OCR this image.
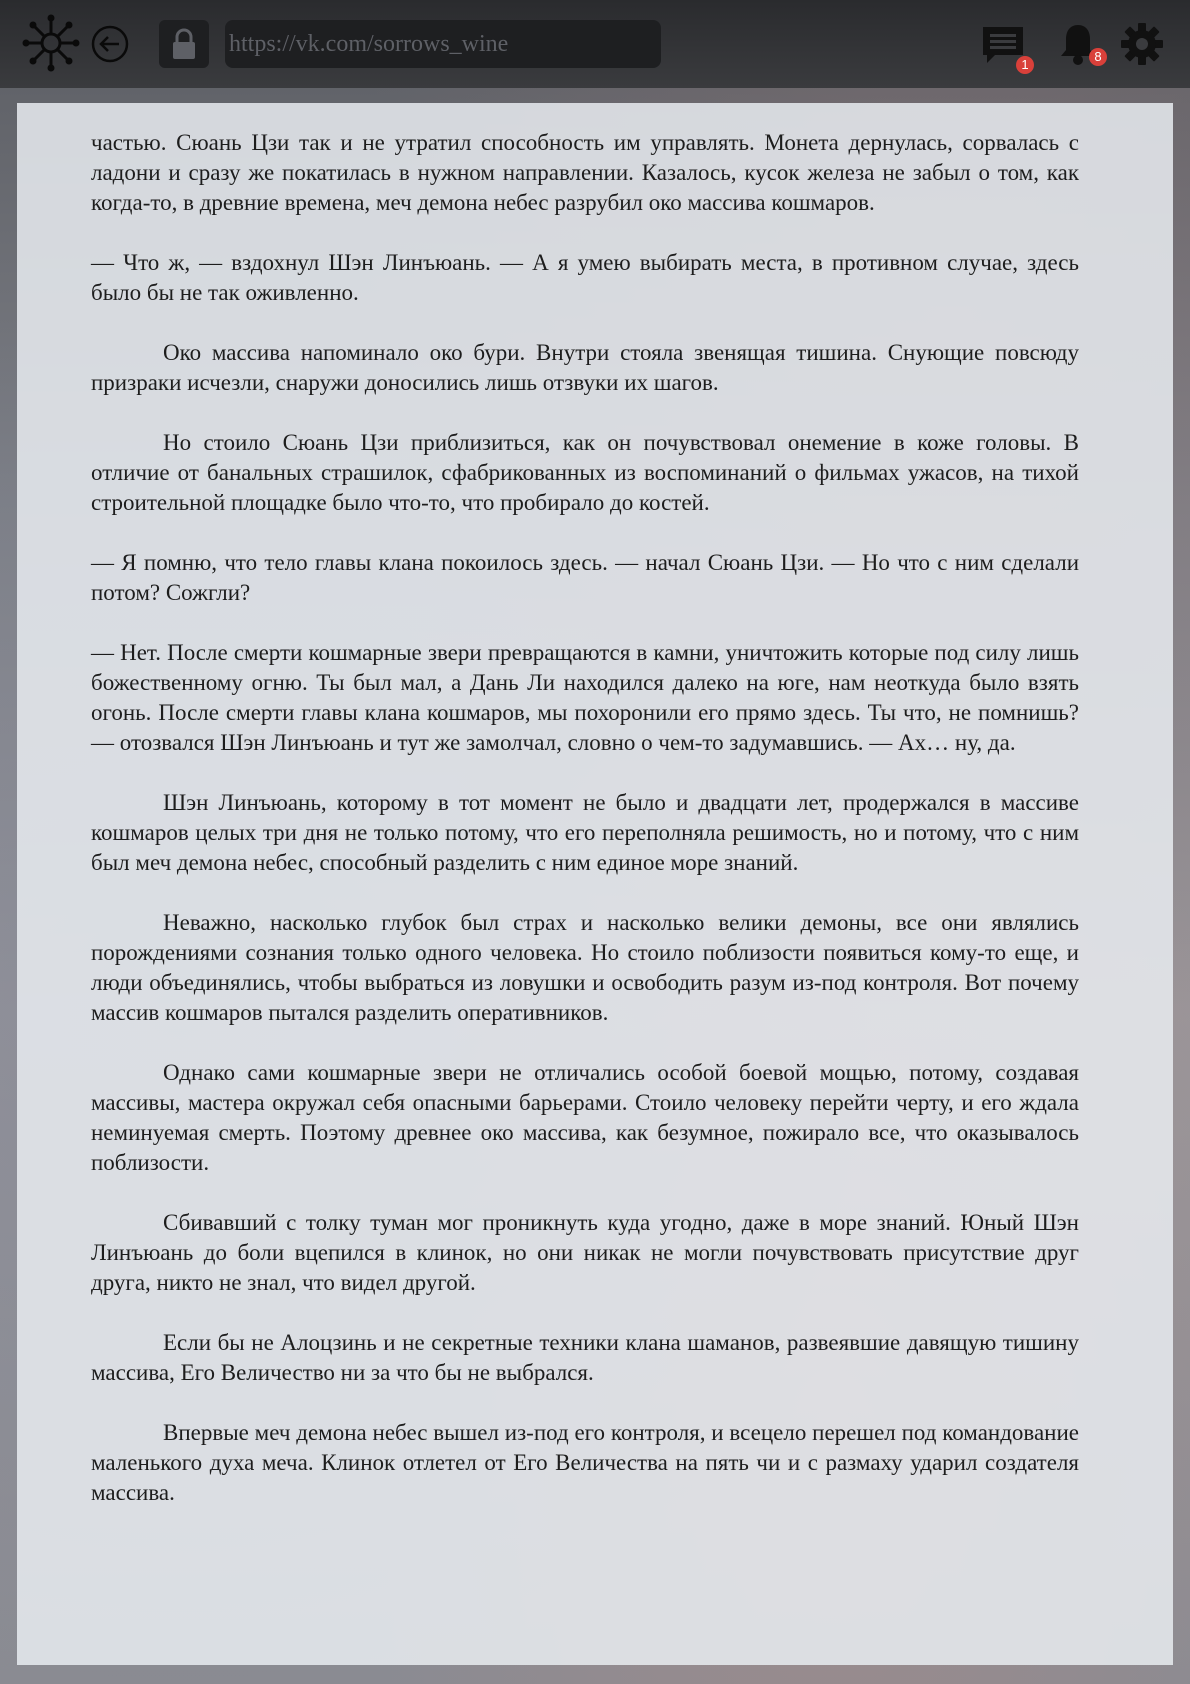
https://vk.com/sorrows_wine
1
8

частью. Сюань Цзи так и не утратил способность им управлять. Монета дернулась, сорвалась с ладони и сразу же покатилась в нужном направлении. Казалось, кусок железа не забыл о том, как когда-то, в древние времена, меч демона небес разрубил око массива кошмаров.

— Что ж, — вздохнул Шэн Линъюань. — А я умею выбирать места, в противном случае, здесь было бы не так оживленно.

Око массива напоминало око бури. Внутри стояла звенящая тишина. Снующие повсюду призраки исчезли, снаружи доносились лишь отзвуки их шагов.

Но стоило Сюань Цзи приблизиться, как он почувствовал онемение в коже головы. В отличие от банальных страшилок, сфабрикованных из воспоминаний о фильмах ужасов, на тихой строительной площадке было что-то, что пробирало до костей.

— Я помню, что тело главы клана покоилось здесь. — начал Сюань Цзи. — Но что с ним сделали потом? Сожгли?

— Нет. После смерти кошмарные звери превращаются в камни, уничтожить которые под силу лишь божественному огню. Ты был мал, а Дань Ли находился далеко на юге, нам неоткуда было взять огонь. После смерти главы клана кошмаров, мы похоронили его прямо здесь. Ты что, не помнишь? — отозвался Шэн Линъюань и тут же замолчал, словно о чем-то задумавшись. — Ах… ну, да.

Шэн Линъюань, которому в тот момент не было и двадцати лет, продержался в массиве кошмаров целых три дня не только потому, что его переполняла решимость, но и потому, что с ним был меч демона небес, способный разделить с ним единое море знаний.

Неважно, насколько глубок был страх и насколько велики демоны, все они являлись порождениями сознания только одного человека. Но стоило поблизости появиться кому-то еще, и люди объединялись, чтобы выбраться из ловушки и освободить разум из-под контроля. Вот почему массив кошмаров пытался разделить оперативников.

Однако сами кошмарные звери не отличались особой боевой мощью, потому, создавая массивы, мастера окружал себя опасными барьерами. Стоило человеку перейти черту, и его ждала неминуемая смерть. Поэтому древнее око массива, как безумное, пожирало все, что оказывалось поблизости.

Сбивавший с толку туман мог проникнуть куда угодно, даже в море знаний. Юный Шэн Линъюань до боли вцепился в клинок, но они никак не могли почувствовать присутствие друг друга, никто не знал, что видел другой.

Если бы не Алоцзинь и не секретные техники клана шаманов, развеявшие давящую тишину массива, Его Величество ни за что бы не выбрался.

Впервые меч демона небес вышел из-под его контроля, и всецело перешел под командование маленького духа меча. Клинок отлетел от Его Величества на пять чи и с размаху ударил создателя массива.
